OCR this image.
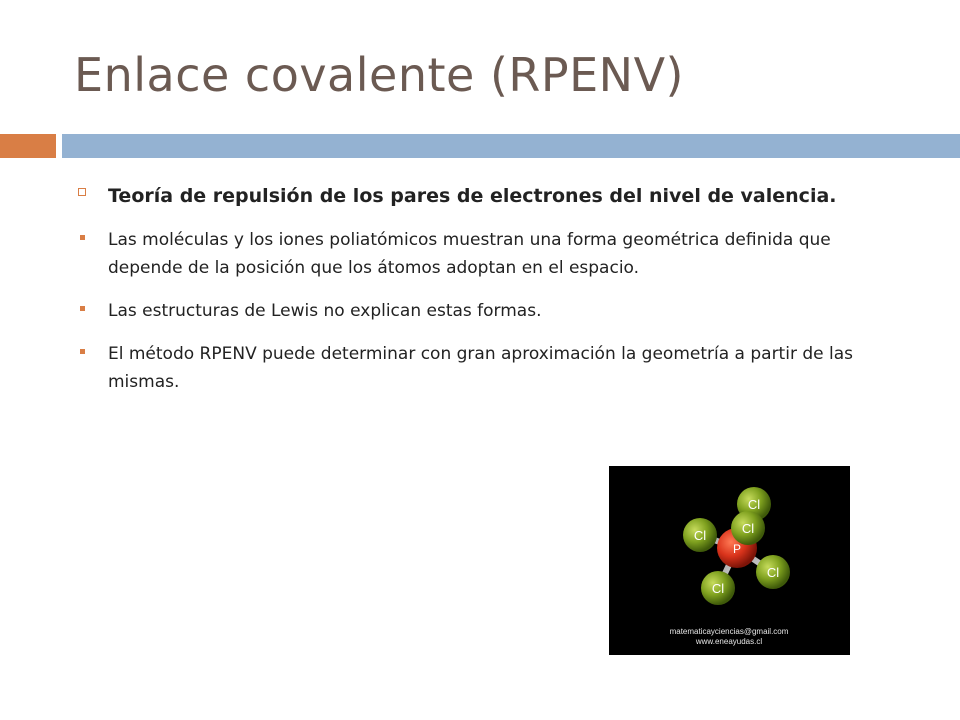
Enlace covalente (RPENV)
Teoría de repulsión de los pares de electrones del nivel de valencia.
Las moléculas y los iones poliatómicos muestran una forma geométrica definida que depende de la posición que los átomos adoptan en el espacio.
Las estructuras de Lewis no explican estas formas.
El método RPENV puede determinar con gran aproximación la geometría a partir de las mismas.
Cl
Cl
P
Cl
Cl
Cl
matematicayciencias@gmail.com
www.eneayudas.cl
